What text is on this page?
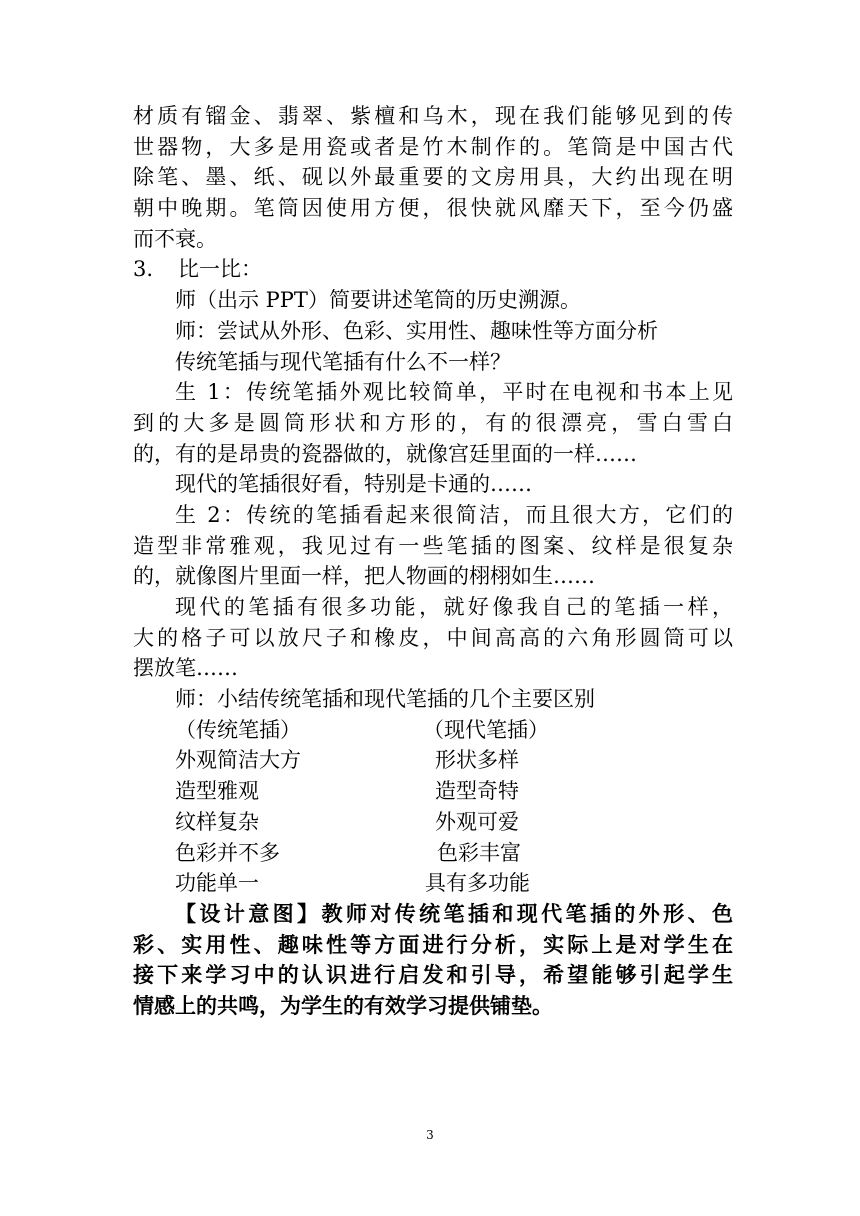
材质有镏金、翡翠、紫檀和乌木，现在我们能够见到的传
世器物，大多是用瓷或者是竹木制作的。笔筒是中国古代
除笔、墨、纸、砚以外最重要的文房用具，大约出现在明
朝中晚期。笔筒因使用方便，很快就风靡天下，至今仍盛
而不衰。
3. 比一比：
师（出示 PPT）简要讲述笔筒的历史溯源。
师：尝试从外形、色彩、实用性、趣味性等方面分析
传统笔插与现代笔插有什么不一样？
生 1：传统笔插外观比较简单，平时在电视和书本上见
到的大多是圆筒形状和方形的，有的很漂亮，雪白雪白
的，有的是昂贵的瓷器做的，就像宫廷里面的一样……
现代的笔插很好看，特别是卡通的……
生 2：传统的笔插看起来很简洁，而且很大方，它们的
造型非常雅观，我见过有一些笔插的图案、纹样是很复杂
的，就像图片里面一样，把人物画的栩栩如生……
现代的笔插有很多功能，就好像我自己的笔插一样，
大的格子可以放尺子和橡皮，中间高高的六角形圆筒可以
摆放笔……
师：小结传统笔插和现代笔插的几个主要区别
（传统笔插）	（现代笔插）
外观简洁大方	形状多样
造型雅观	造型奇特
纹样复杂	外观可爱
色彩并不多	色彩丰富
功能单一	具有多功能
【设计意图】教师对传统笔插和现代笔插的外形、色
彩、实用性、趣味性等方面进行分析，实际上是对学生在
接下来学习中的认识进行启发和引导，希望能够引起学生
情感上的共鸣，为学生的有效学习提供铺垫。
3
